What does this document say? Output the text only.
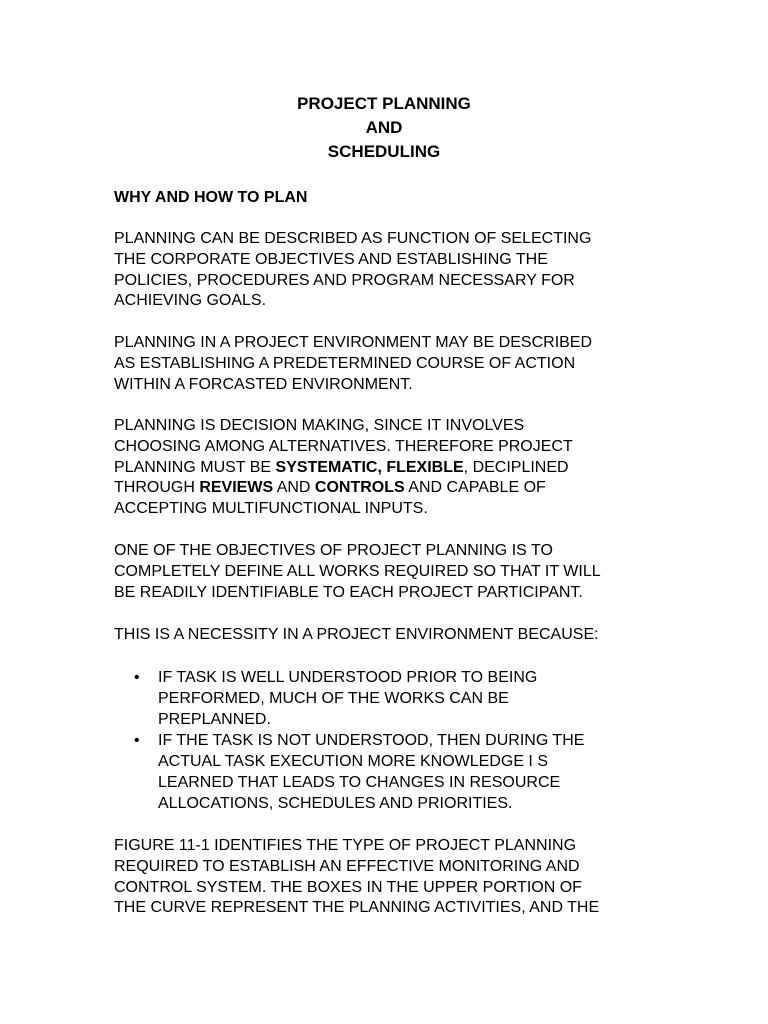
PROJECT PLANNING
AND
SCHEDULING
WHY AND HOW TO PLAN
PLANNING CAN BE DESCRIBED AS FUNCTION OF SELECTING
THE CORPORATE OBJECTIVES AND ESTABLISHING THE
POLICIES, PROCEDURES AND PROGRAM NECESSARY FOR
ACHIEVING GOALS.
PLANNING IN A PROJECT ENVIRONMENT MAY BE DESCRIBED
AS ESTABLISHING A PREDETERMINED COURSE OF ACTION
WITHIN A FORCASTED ENVIRONMENT.
PLANNING IS DECISION MAKING, SINCE IT INVOLVES
CHOOSING AMONG ALTERNATIVES. THEREFORE PROJECT
PLANNING MUST BE SYSTEMATIC, FLEXIBLE, DECIPLINED
THROUGH REVIEWS AND CONTROLS AND CAPABLE OF
ACCEPTING MULTIFUNCTIONAL INPUTS.
ONE OF THE OBJECTIVES OF PROJECT PLANNING IS TO
COMPLETELY DEFINE ALL WORKS REQUIRED SO THAT IT WILL
BE READILY IDENTIFIABLE TO EACH PROJECT PARTICIPANT.
THIS IS A NECESSITY IN A PROJECT ENVIRONMENT BECAUSE:
• IF TASK IS WELL UNDERSTOOD PRIOR TO BEING
PERFORMED, MUCH OF THE WORKS CAN BE
PREPLANNED.
• IF THE TASK IS NOT UNDERSTOOD, THEN DURING THE
ACTUAL TASK EXECUTION MORE KNOWLEDGE I S
LEARNED THAT LEADS TO CHANGES IN RESOURCE
ALLOCATIONS, SCHEDULES AND PRIORITIES.
FIGURE 11-1 IDENTIFIES THE TYPE OF PROJECT PLANNING
REQUIRED TO ESTABLISH AN EFFECTIVE MONITORING AND
CONTROL SYSTEM. THE BOXES IN THE UPPER PORTION OF
THE CURVE REPRESENT THE PLANNING ACTIVITIES, AND THE
